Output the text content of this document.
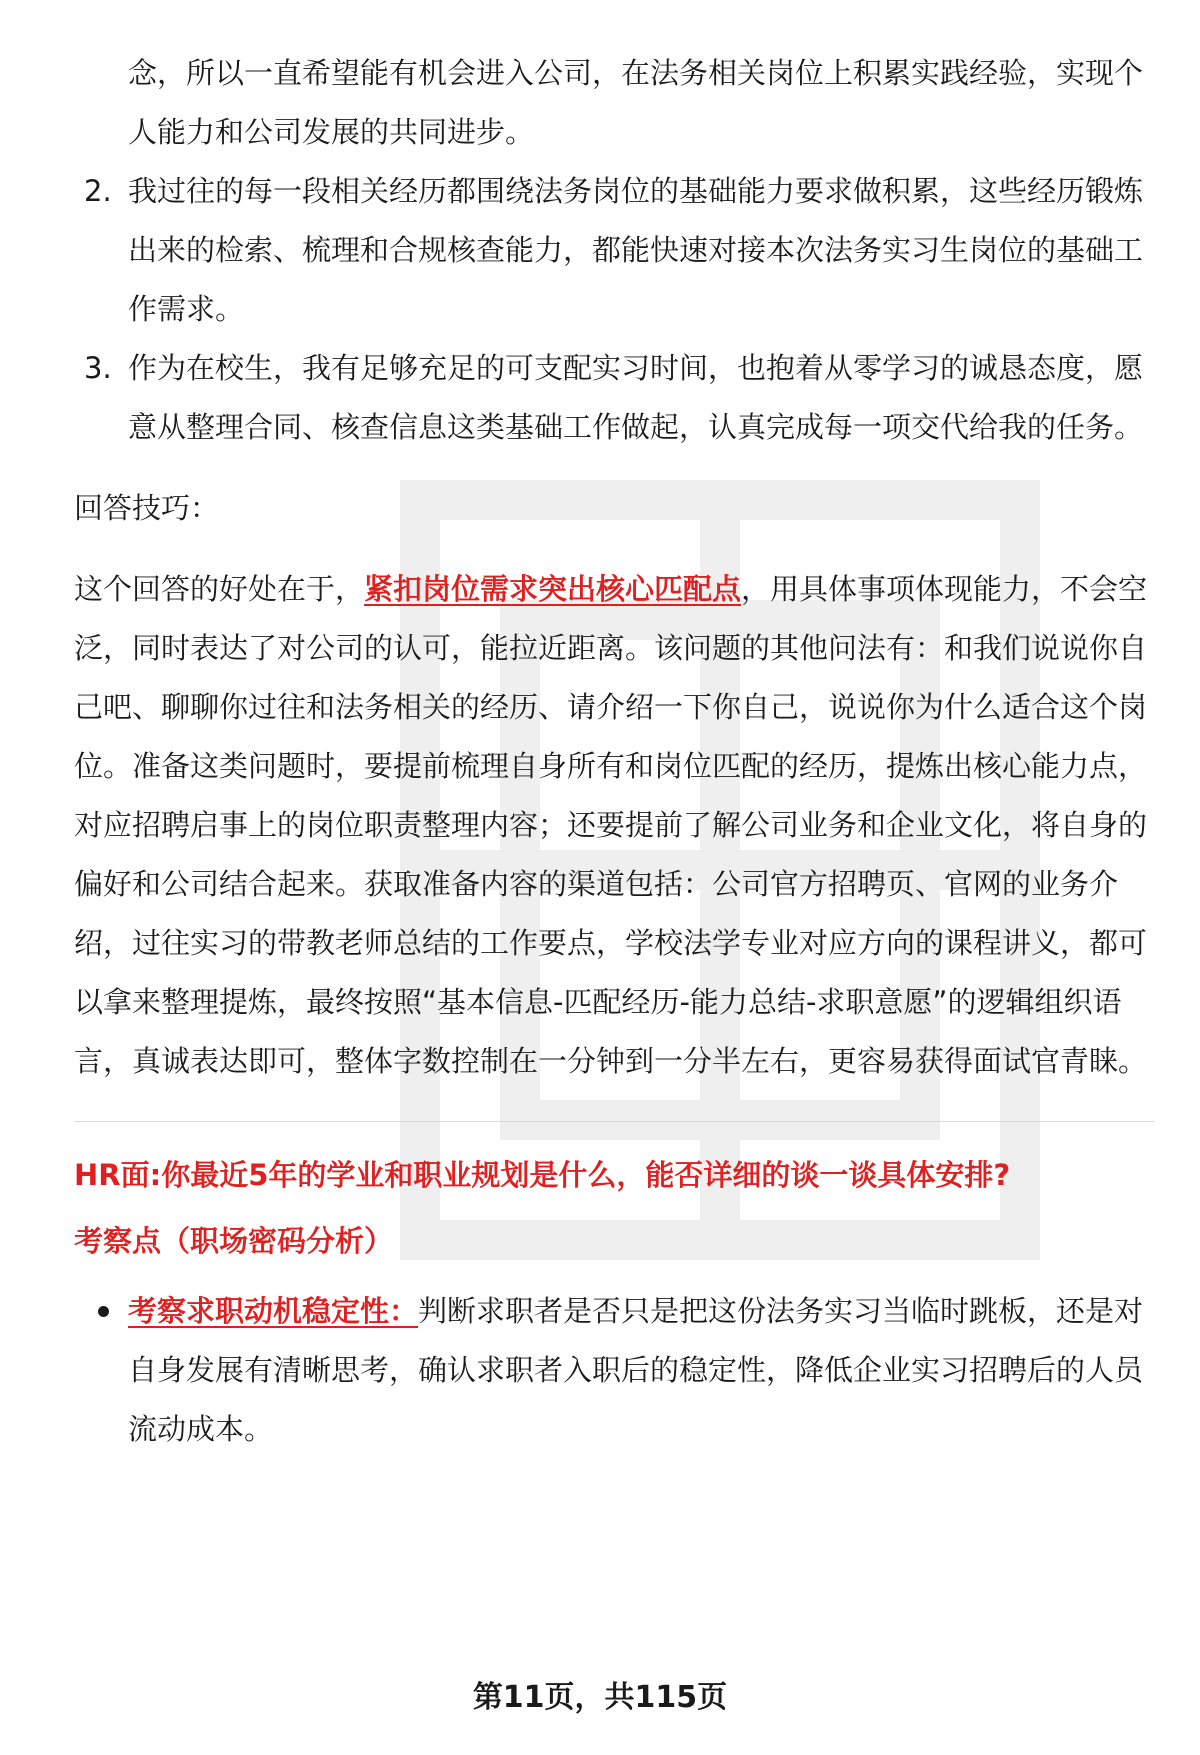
念，所以一直希望能有机会进入公司，在法务相关岗位上积累实践经验，实现个人能力和公司发展的共同进步。
2. 我过往的每一段相关经历都围绕法务岗位的基础能力要求做积累，这些经历锻炼出来的检索、梳理和合规核查能力，都能快速对接本次法务实习生岗位的基础工作需求。
3. 作为在校生，我有足够充足的可支配实习时间，也抱着从零学习的诚恳态度，愿意从整理合同、核查信息这类基础工作做起，认真完成每一项交代给我的任务。

回答技巧：

这个回答的好处在于，紧扣岗位需求突出核心匹配点，用具体事项体现能力，不会空泛，同时表达了对公司的认可，能拉近距离。该问题的其他问法有：和我们说说你自己吧、聊聊你过往和法务相关的经历、请介绍一下你自己，说说你为什么适合这个岗位。准备这类问题时，要提前梳理自身所有和岗位匹配的经历，提炼出核心能力点，对应招聘启事上的岗位职责整理内容；还要提前了解公司业务和企业文化，将自身的偏好和公司结合起来。获取准备内容的渠道包括：公司官方招聘页、官网的业务介绍，过往实习的带教老师总结的工作要点，学校法学专业对应方向的课程讲义，都可以拿来整理提炼，最终按照“基本信息-匹配经历-能力总结-求职意愿”的逻辑组织语言，真诚表达即可，整体字数控制在一分钟到一分半左右，更容易获得面试官青睐。

HR面:你最近5年的学业和职业规划是什么，能否详细的谈一谈具体安排?

考察点（职场密码分析）

考察求职动机稳定性：判断求职者是否只是把这份法务实习当临时跳板，还是对自身发展有清晰思考，确认求职者入职后的稳定性，降低企业实习招聘后的人员流动成本。
第11页，共115页
